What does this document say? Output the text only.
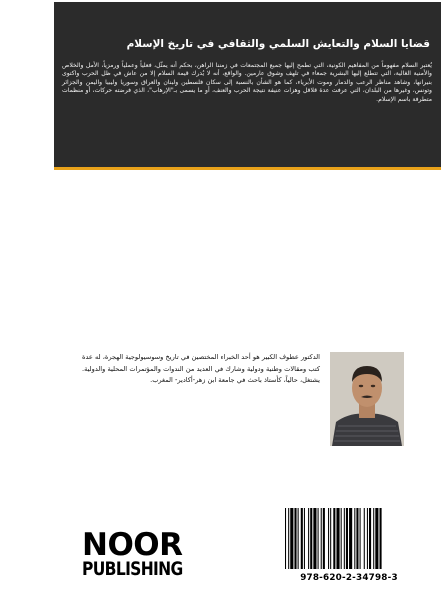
قضايا السلام والتعايش السلمي والثقافي في تاريخ الإسلام
يُعتبر السلام مفهوماً من المفاهيم الكونية، التي تطمح إليها جميع المجتمعات في زمننا الراهن، بحكم أنه يمثّل، فعلياً وعملياً ورمزياً، الأمل والخلاص والأمنية الغالية، التي تتطلع إليها البشرية جمعاء في تلهف وشوق عارمين. والواقع، أنه لا يُدرك قيمة السلام إلا من عاش في ظل الحرب واكتوى بنيرانها، وشاهد مناظر الرعب والدمار وموت الأبرياء، كما هو الشأن بالنسبة إلى سكان فلسطين ولبنان والعراق وسوريا وليبيا واليمن والجزائر وتونس، وغيرها من البلدان، التي عرفت عدة قلاقل وهزات عنيفة نتيجة الحرب والعنف، أو ما يسمى بـ"الإرهاب"، الذي فرضته حركات، أو منظمات متطرفة باسم الإسلام.
الدكتور عطوف الكبير هو أحد الخبراء المختصين في تاريخ وسوسيولوجية الهجرة، له عدة كتب ومقالات وطنية ودولية وشارك في العديد من الندوات والمؤتمرات المحلية والدولية. يشتغل، حالياً، كأستاذ باحث في جامعة ابن زهر-أكادير- المغرب.
NOOR
PUBLISHING	978-620-2-34798-3
